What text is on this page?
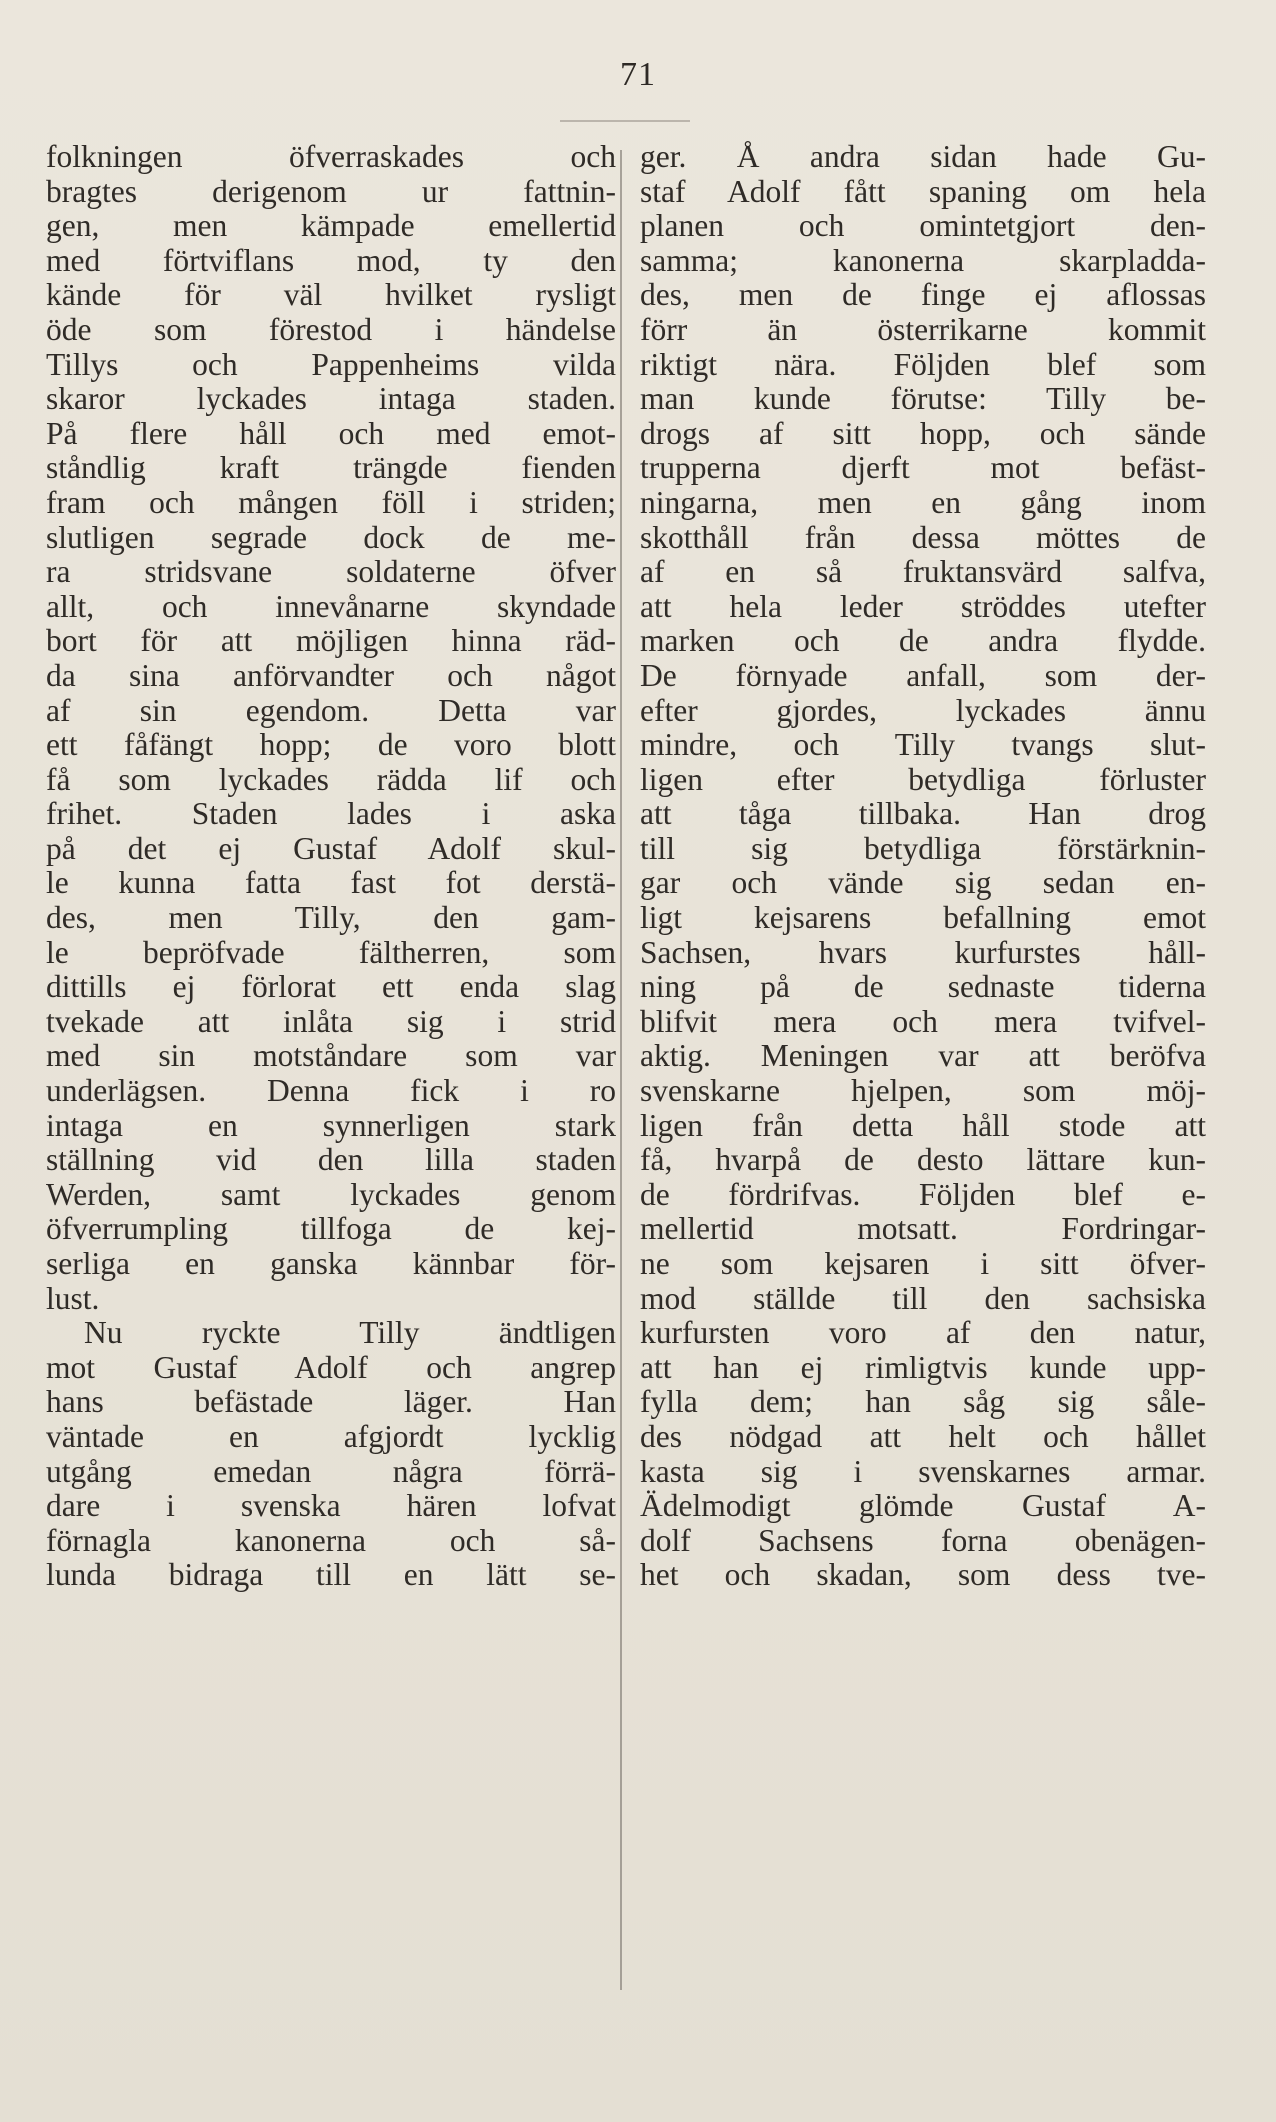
71
folkningen öfverraskades och
bragtes derigenom ur fattnin-
gen, men kämpade emellertid
med förtviflans mod, ty den
kände för väl hvilket rysligt
öde som förestod i händelse
Tillys och Pappenheims vilda
skaror lyckades intaga staden.
På flere håll och med emot-
ståndlig kraft trängde fienden
fram och mången föll i striden;
slutligen segrade dock de me-
ra stridsvane soldaterne öfver
allt, och innevånarne skyndade
bort för att möjligen hinna räd-
da sina anförvandter och något
af sin egendom. Detta var
ett fåfängt hopp; de voro blott
få som lyckades rädda lif och
frihet. Staden lades i aska
på det ej Gustaf Adolf skul-
le kunna fatta fast fot derstä-
des, men Tilly, den gam-
le bepröfvade fältherren, som
dittills ej förlorat ett enda slag
tvekade att inlåta sig i strid
med sin motståndare som var
underlägsen. Denna fick i ro
intaga en synnerligen stark
ställning vid den lilla staden
Werden, samt lyckades genom
öfverrumpling tillfoga de kej-
serliga en ganska kännbar för-
lust.
Nu ryckte Tilly ändtligen
mot Gustaf Adolf och angrep
hans befästade läger. Han
väntade en afgjordt lycklig
utgång emedan några förrä-
dare i svenska hären lofvat
förnagla kanonerna och så-
lunda bidraga till en lätt se-
ger. Å andra sidan hade Gu-
staf Adolf fått spaning om hela
planen och omintetgjort den-
samma; kanonerna skarpladda-
des, men de finge ej aflossas
förr än österrikarne kommit
riktigt nära. Följden blef som
man kunde förutse: Tilly be-
drogs af sitt hopp, och sände
trupperna djerft mot befäst-
ningarna, men en gång inom
skotthåll från dessa möttes de
af en så fruktansvärd salfva,
att hela leder ströddes utefter
marken och de andra flydde.
De förnyade anfall, som der-
efter gjordes, lyckades ännu
mindre, och Tilly tvangs slut-
ligen efter betydliga förluster
att tåga tillbaka. Han drog
till sig betydliga förstärknin-
gar och vände sig sedan en-
ligt kejsarens befallning emot
Sachsen, hvars kurfurstes håll-
ning på de sednaste tiderna
blifvit mera och mera tvifvel-
aktig. Meningen var att beröfva
svenskarne hjelpen, som möj-
ligen från detta håll stode att
få, hvarpå de desto lättare kun-
de fördrifvas. Följden blef e-
mellertid motsatt. Fordringar-
ne som kejsaren i sitt öfver-
mod ställde till den sachsiska
kurfursten voro af den natur,
att han ej rimligtvis kunde upp-
fylla dem; han såg sig såle-
des nödgad att helt och hållet
kasta sig i svenskarnes armar.
Ädelmodigt glömde Gustaf A-
dolf Sachsens forna obenägen-
het och skadan, som dess tve-
